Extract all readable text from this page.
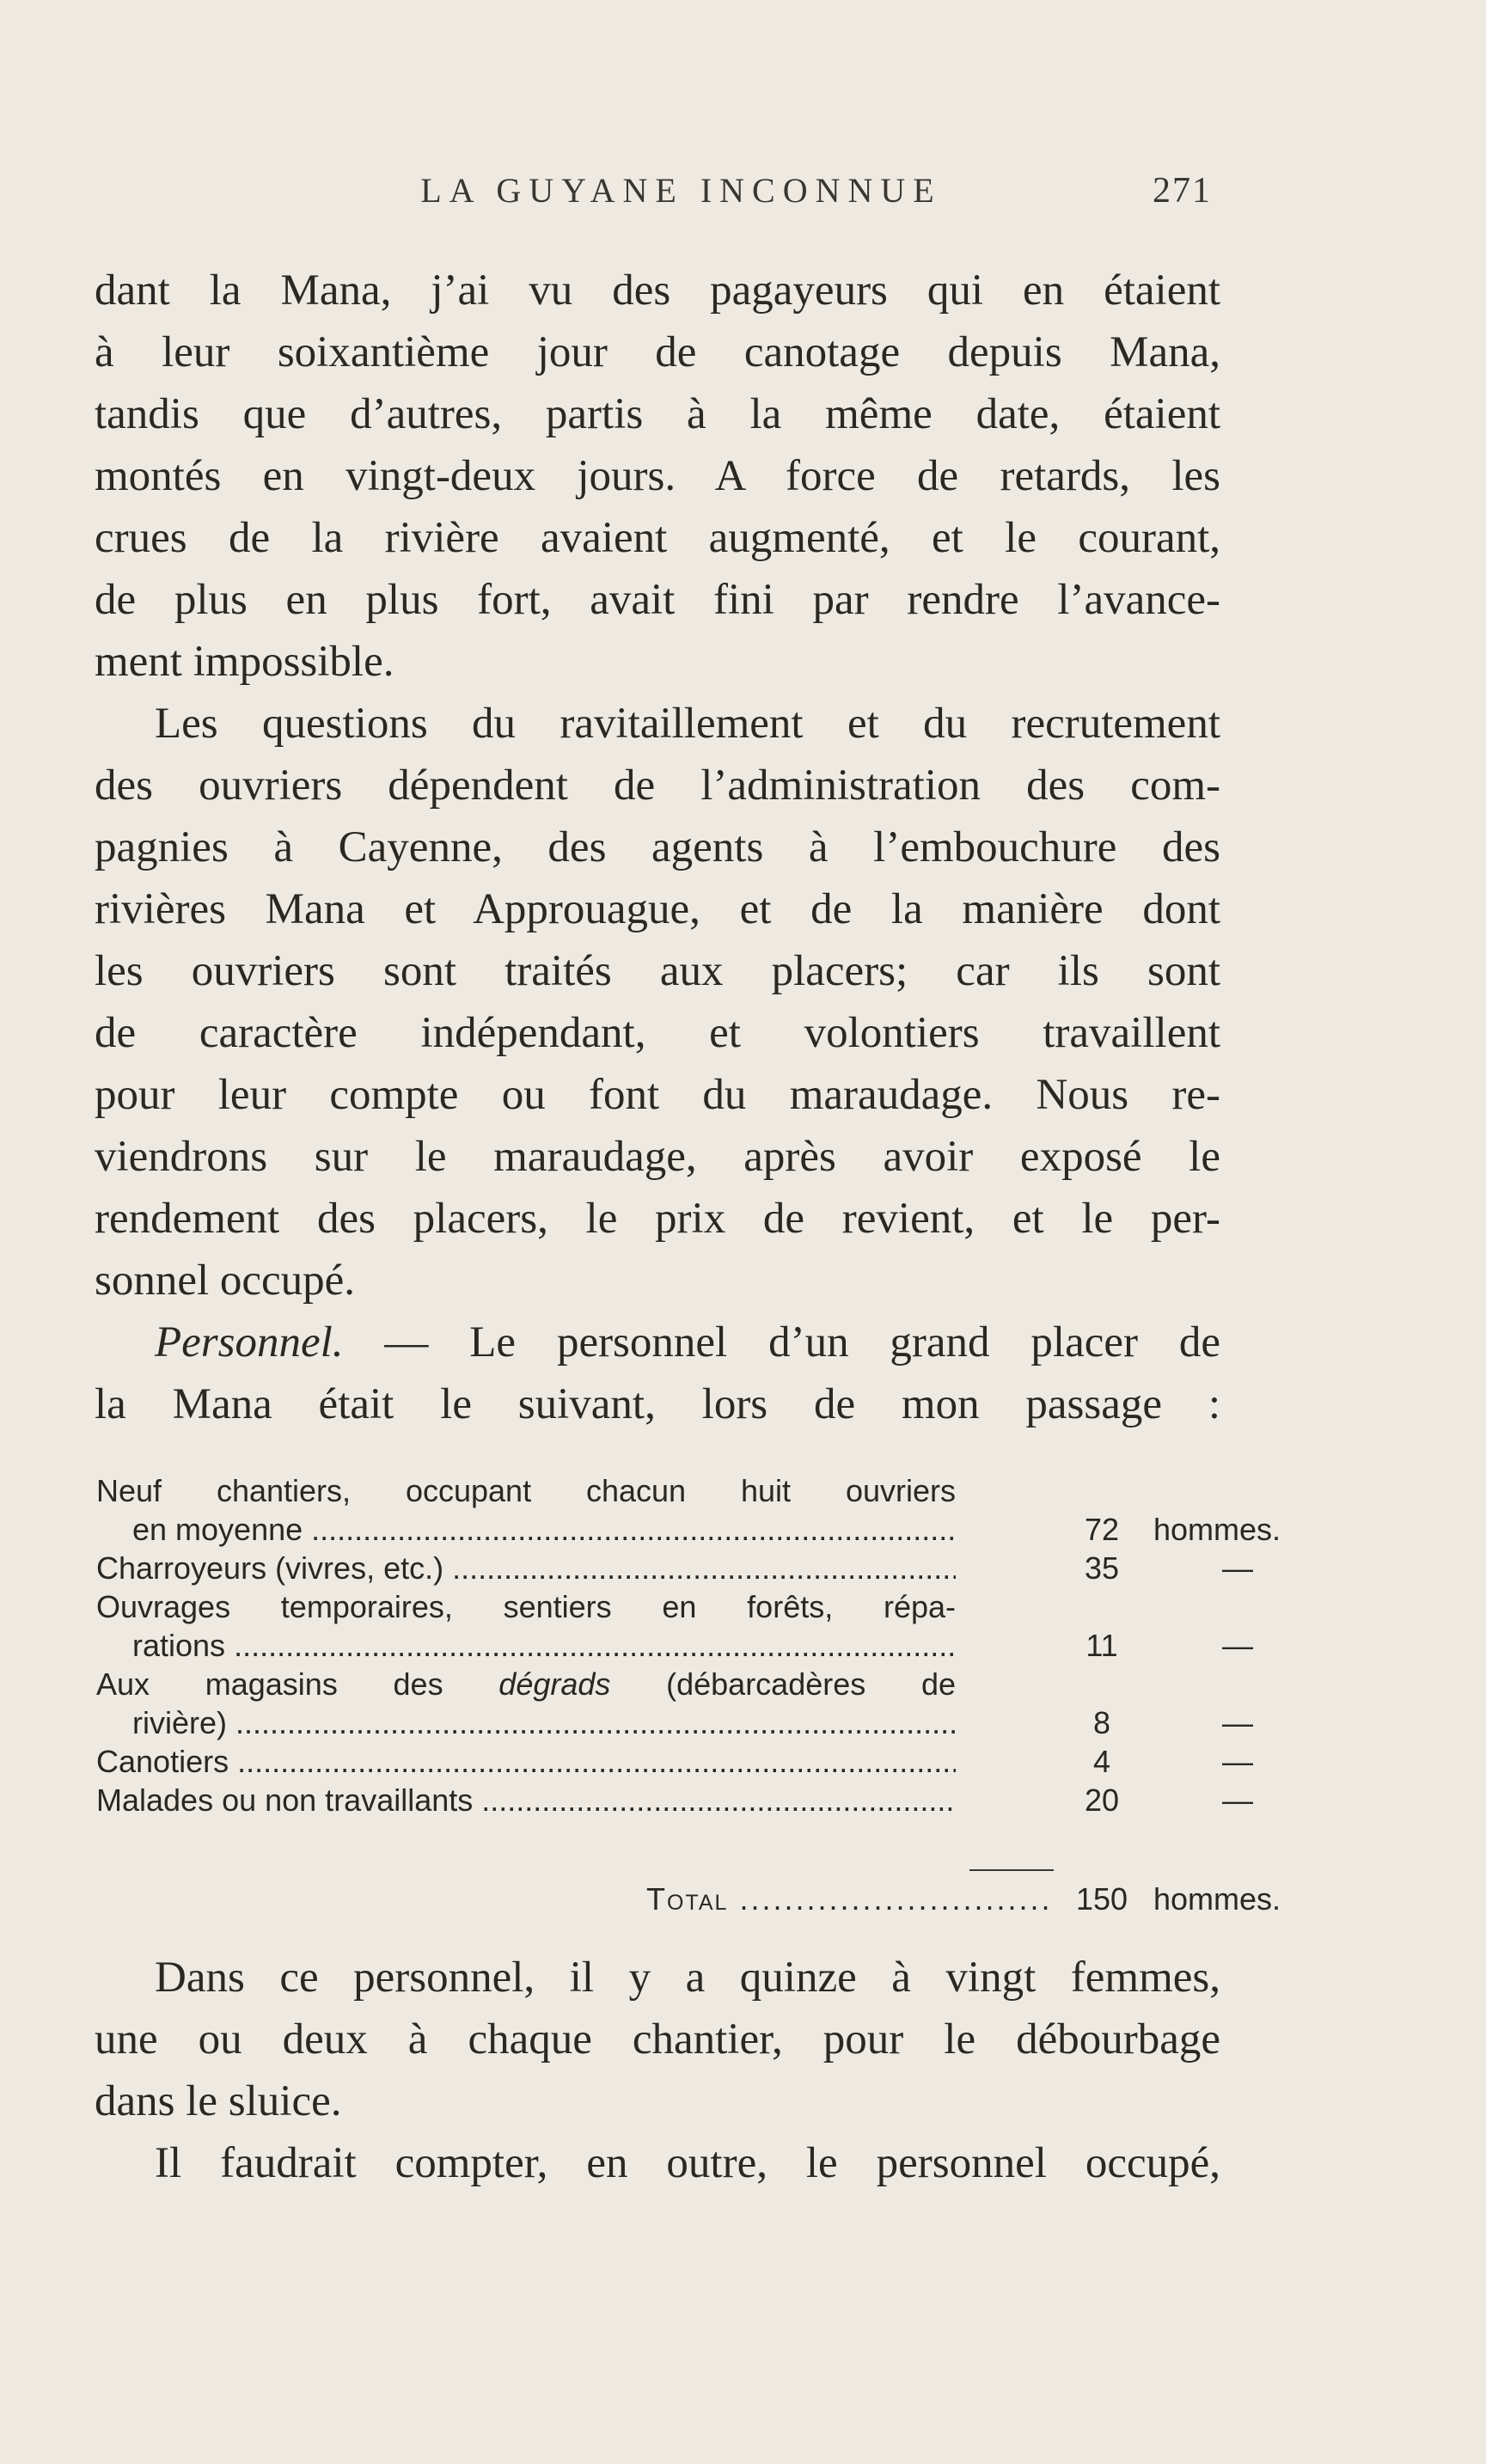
LA GUYANE INCONNUE	271
dant la Mana, j’ai vu des pagayeurs qui en étaient
à leur soixantième jour de canotage depuis Mana,
tandis que d’autres, partis à la même date, étaient
montés en vingt-deux jours. A force de retards, les
crues de la rivière avaient augmenté, et le courant,
de plus en plus fort, avait fini par rendre l’avance-
ment impossible.
Les questions du ravitaillement et du recrutement
des ouvriers dépendent de l’administration des com-
pagnies à Cayenne, des agents à l’embouchure des
rivières Mana et Approuague, et de la manière dont
les ouvriers sont traités aux placers; car ils sont
de caractère indépendant, et volontiers travaillent
pour leur compte ou font du maraudage. Nous re-
viendrons sur le maraudage, après avoir exposé le
rendement des placers, le prix de revient, et le per-
sonnel occupé.
Personnel. — Le personnel d’un grand placer de
la Mana était le suivant, lors de mon passage :
Neuf chantiers, occupant chacun huit ouvriers
en moyenne .....	72	hommes.
Charroyeurs (vivres, etc.) .....	35	—
Ouvrages temporaires, sentiers en forêts, répa-
rations .....	11	—
Aux magasins des dégrads (débarcadères de
rivière) .....	8	—
Canotiers .....	4	—
Malades ou non travaillants .....	20	—
Total .....	150 hommes.
Dans ce personnel, il y a quinze à vingt femmes,
une ou deux à chaque chantier, pour le débourbage
dans le sluice.
Il faudrait compter, en outre, le personnel occupé,
